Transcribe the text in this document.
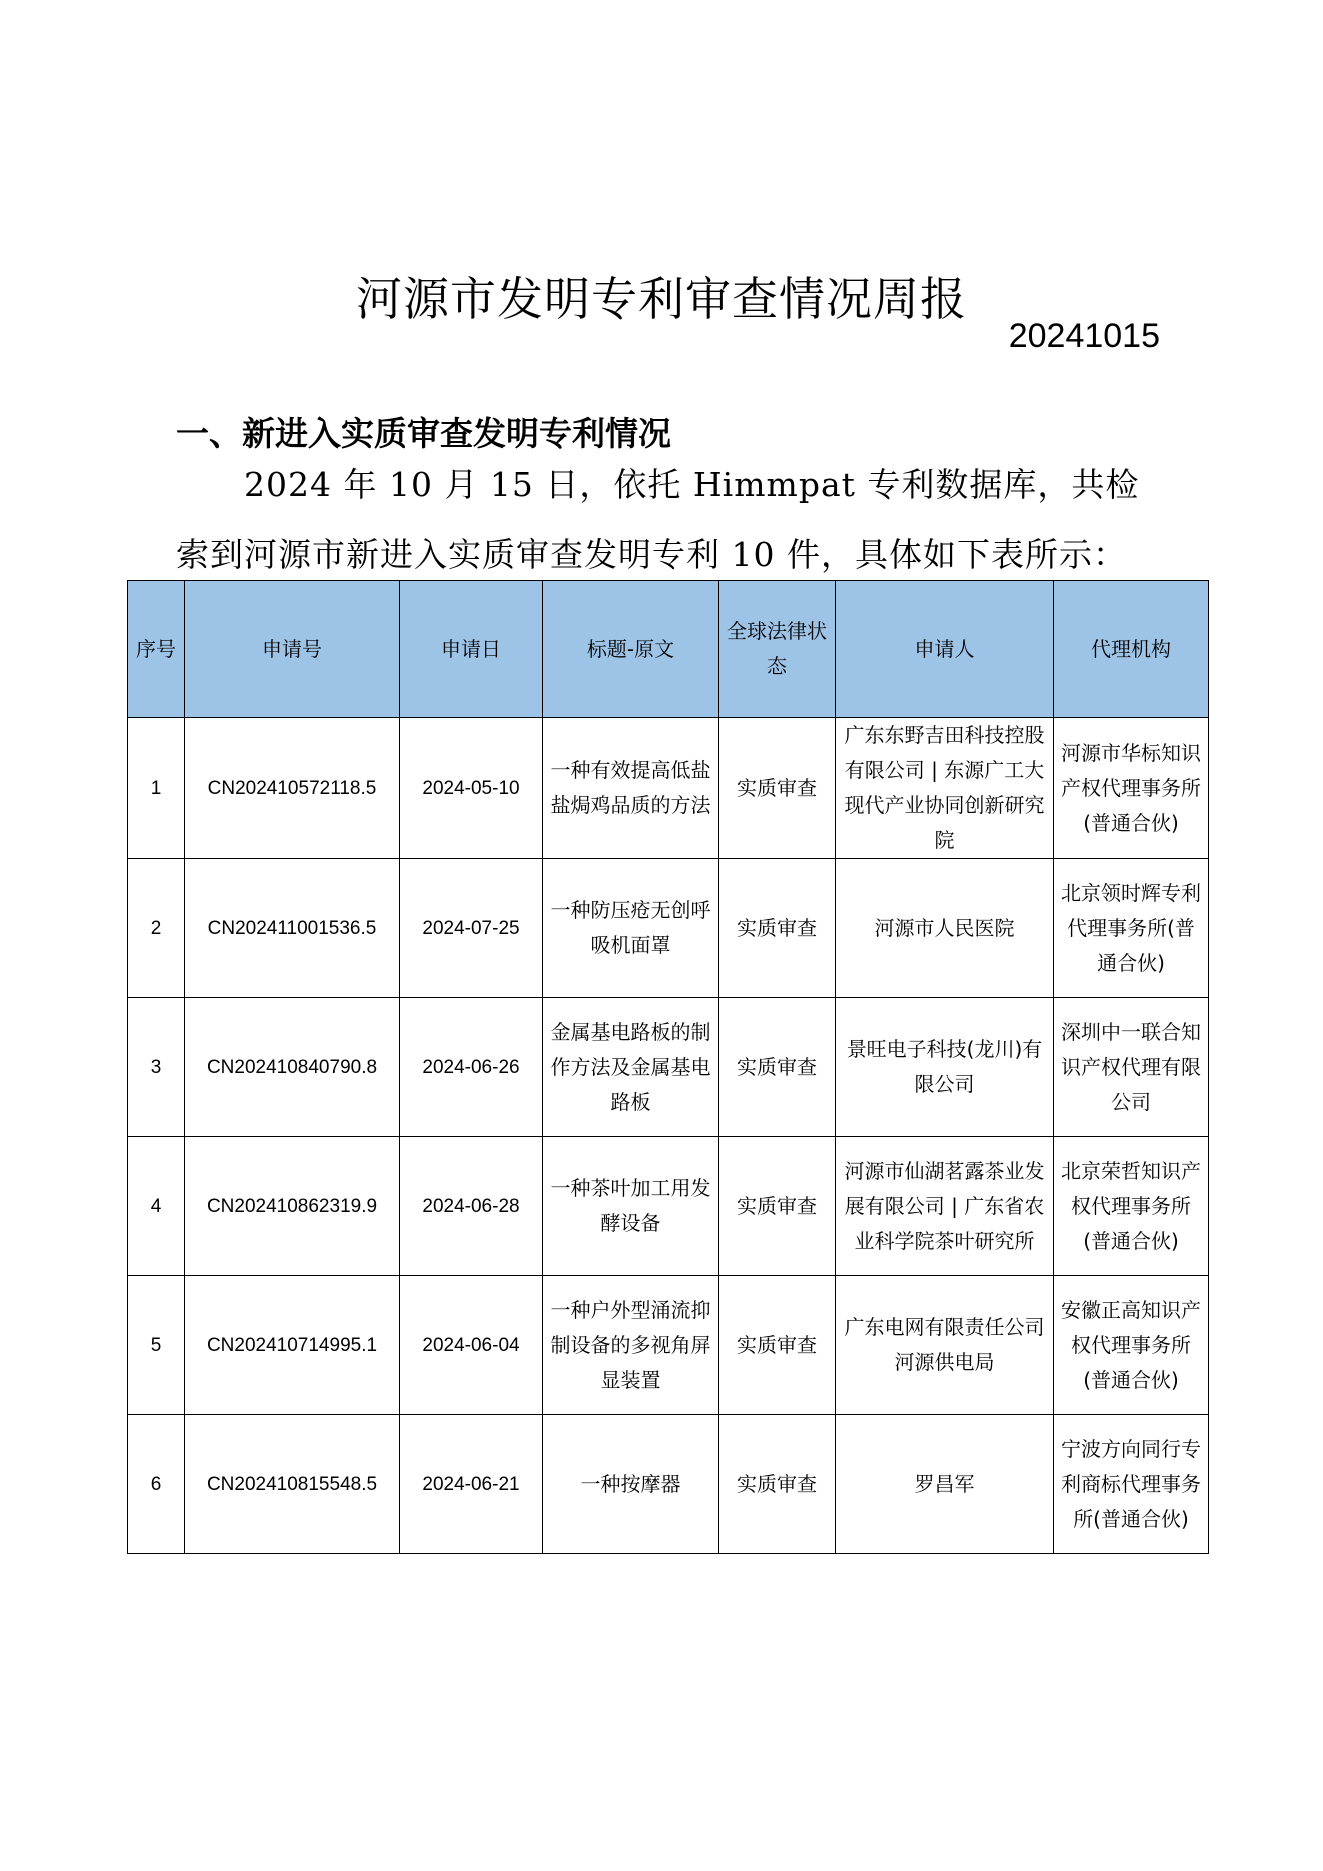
河源市发明专利审查情况周报
20241015
一、新进入实质审查发明专利情况

2024 年 10 月 15 日，依托 Himmpat 专利数据库，共检索到河源市新进入实质审查发明专利 10 件，具体如下表所示：

序号	申请号	申请日	标题-原文	全球法律状态	申请人	代理机构
1	CN202410572118.5	2024-05-10	一种有效提高低盐盐焗鸡品质的方法	实质审查	广东东野吉田科技控股有限公司 | 东源广工大现代产业协同创新研究院	河源市华标知识产权代理事务所(普通合伙)
2	CN202411001536.5	2024-07-25	一种防压疮无创呼吸机面罩	实质审查	河源市人民医院	北京领时辉专利代理事务所(普通合伙)
3	CN202410840790.8	2024-06-26	金属基电路板的制作方法及金属基电路板	实质审查	景旺电子科技(龙川)有限公司	深圳中一联合知识产权代理有限公司
4	CN202410862319.9	2024-06-28	一种茶叶加工用发酵设备	实质审查	河源市仙湖茗露茶业发展有限公司 | 广东省农业科学院茶叶研究所	北京荣哲知识产权代理事务所(普通合伙)
5	CN202410714995.1	2024-06-04	一种户外型涌流抑制设备的多视角屏显装置	实质审查	广东电网有限责任公司河源供电局	安徽正高知识产权代理事务所(普通合伙)
6	CN202410815548.5	2024-06-21	一种按摩器	实质审查	罗昌军	宁波方向同行专利商标代理事务所(普通合伙)
